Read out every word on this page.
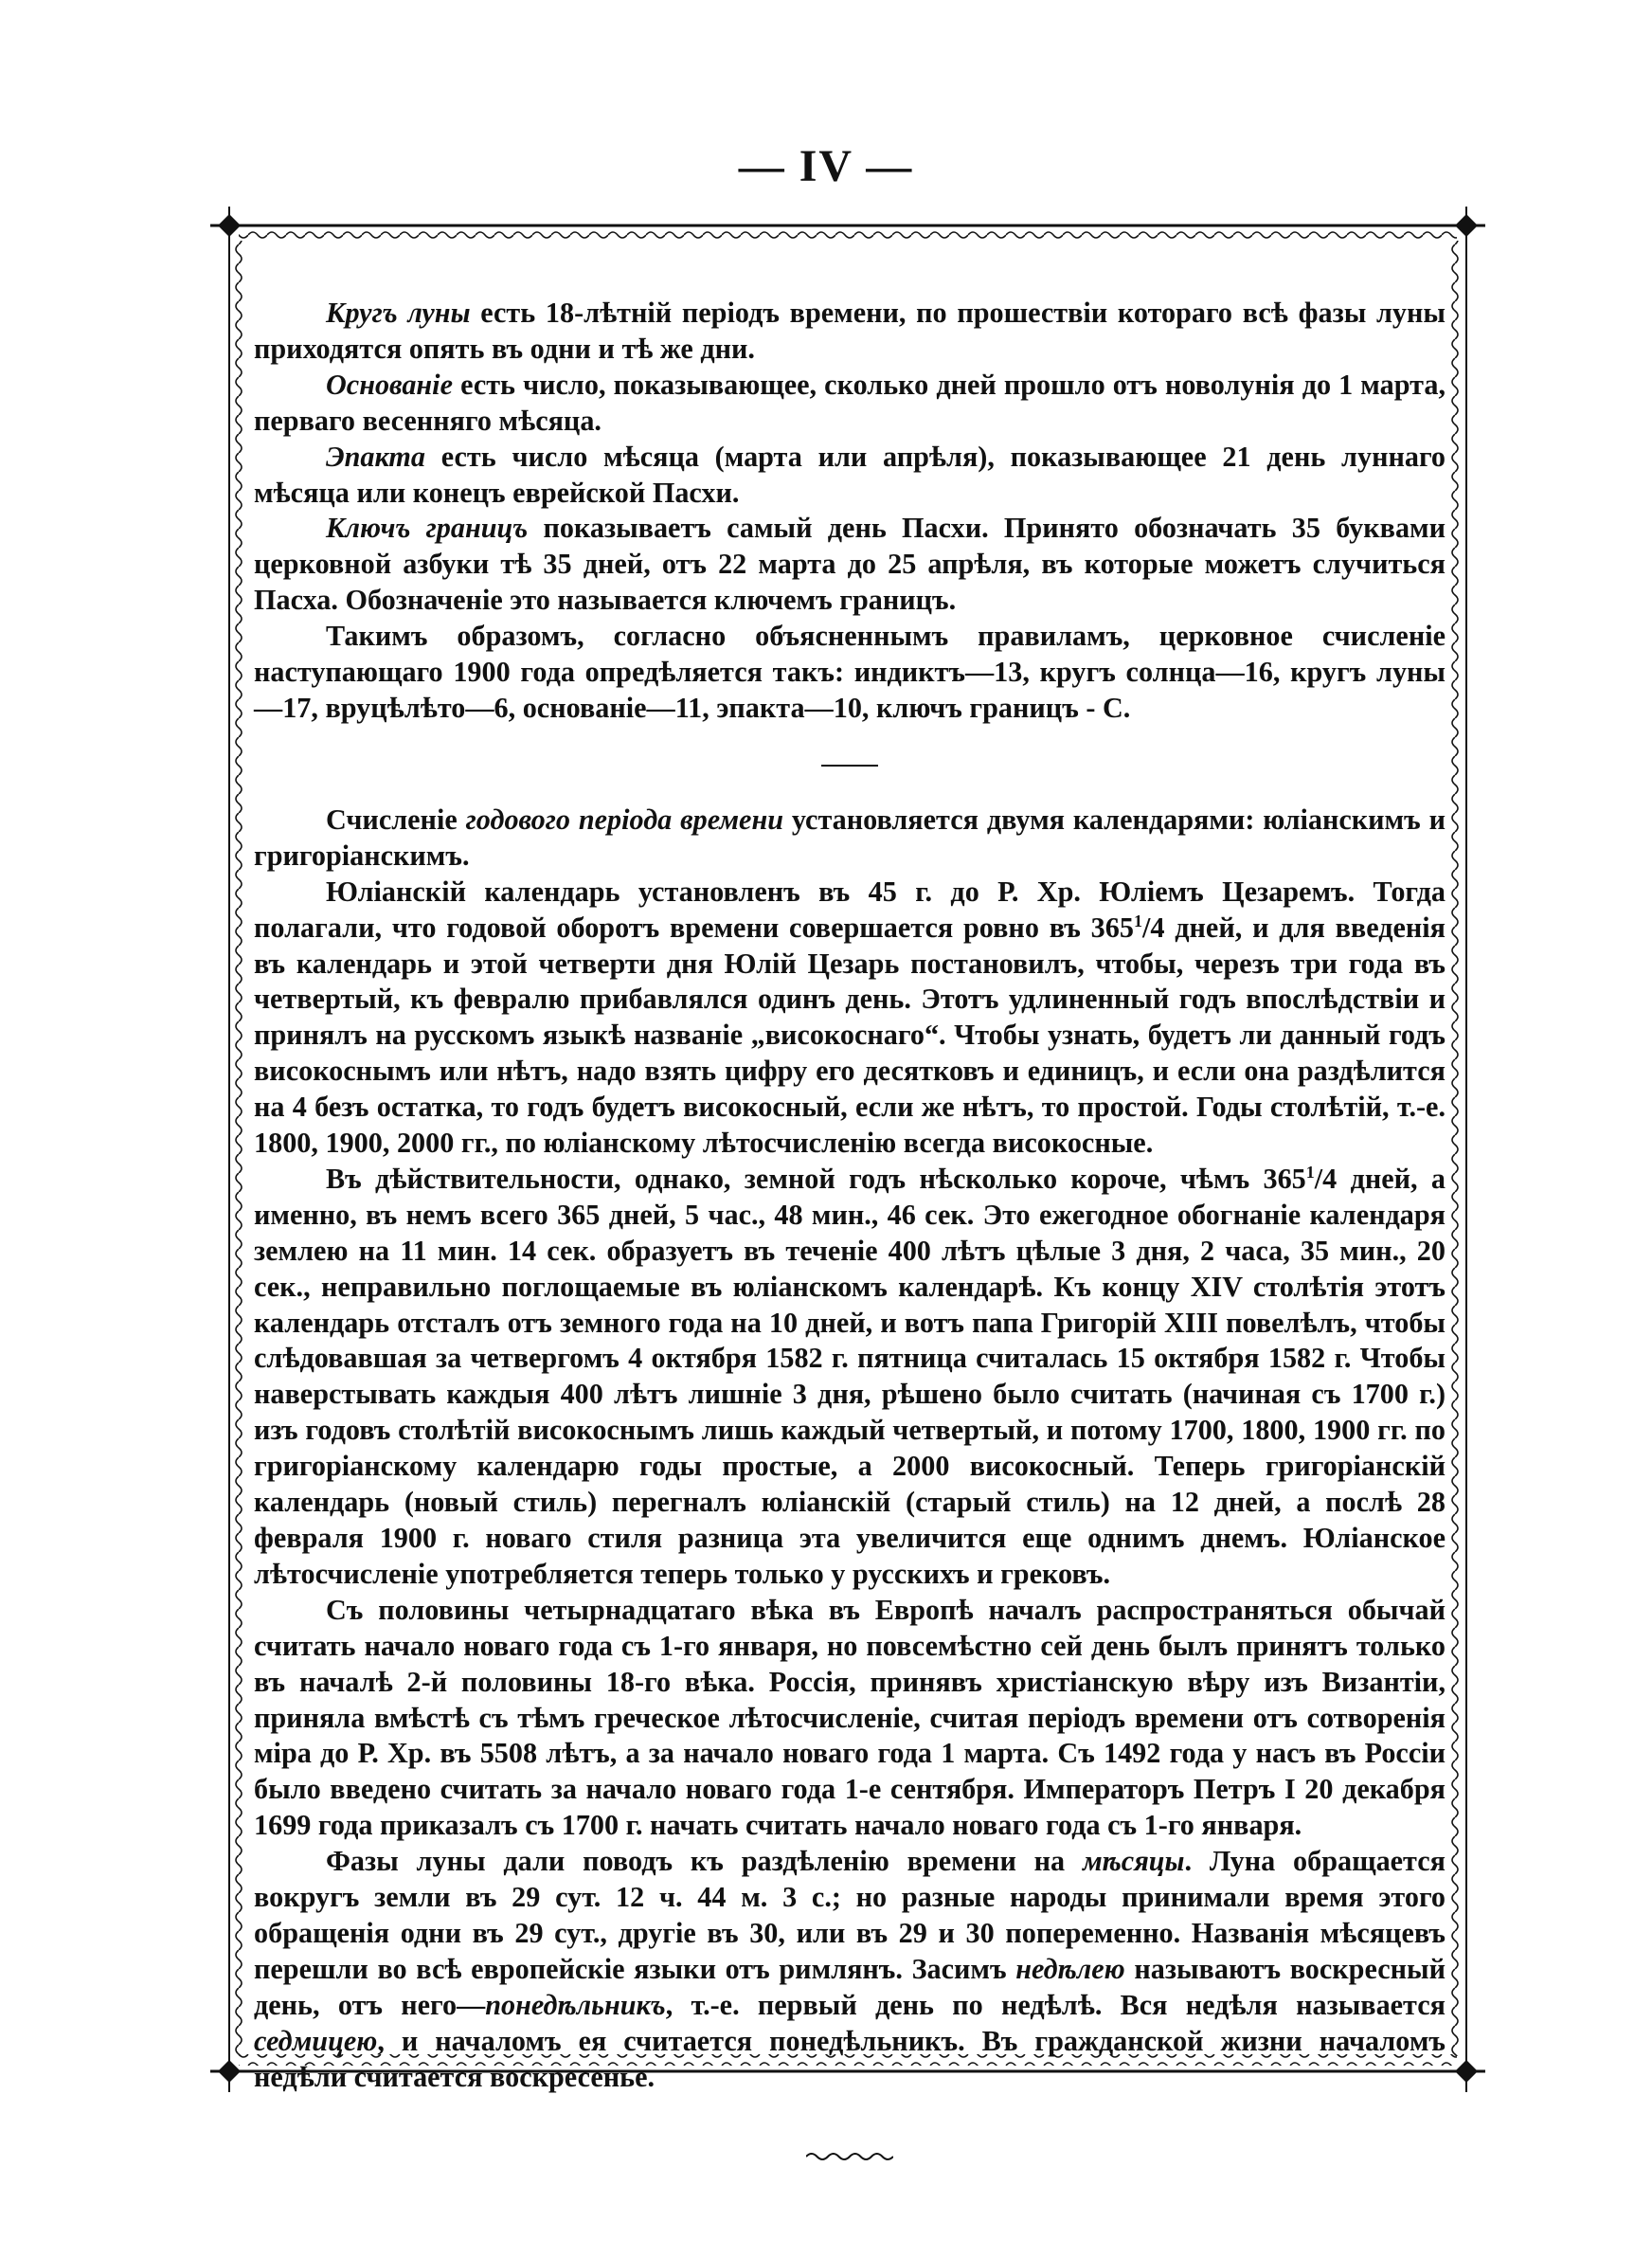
— IV —

Кругъ луны есть 18-лѣтній періодъ времени, по прошествіи котораго всѣ фазы луны приходятся опять въ одни и тѣ же дни.

Основаніе есть число, показывающее, сколько дней прошло отъ новолунія до 1 марта, перваго весенняго мѣсяца.

Эпакта есть число мѣсяца (марта или апрѣля), показывающее 21 день луннаго мѣсяца или конецъ еврейской Пасхи.

Ключъ границъ показываетъ самый день Пасхи. Принято обозначать 35 буквами церковной азбуки тѣ 35 дней, отъ 22 марта до 25 апрѣля, въ которые можетъ случиться Пасха. Обозначеніе это называется ключемъ границъ.

Такимъ образомъ, согласно объясненнымъ правиламъ, церковное счисленіе наступающаго 1900 года опредѣляется такъ: индиктъ—13, кругъ солнца—16, кругъ луны—17, вруцѣлѣто—6, основаніе—11, эпакта—10, ключъ границъ - С.

Счисленіе годового періода времени установляется двумя календарями: юліанскимъ и григоріанскимъ.

Юліанскій календарь установленъ въ 45 г. до Р. Хр. Юліемъ Цезаремъ. Тогда полагали, что годовой оборотъ времени совершается ровно въ $365^1/4$ дней, и для введенія въ календарь и этой четверти дня Юлій Цезарь постановилъ, чтобы, черезъ три года въ четвертый, къ февралю прибавлялся одинъ день. Этотъ удлиненный годъ впослѣдствіи и принялъ на русскомъ языкѣ названіе „високоснаго“. Чтобы узнать, будетъ ли данный годъ високоснымъ или нѣтъ, надо взять цифру его десятковъ и единицъ, и если она раздѣлится на 4 безъ остатка, то годъ будетъ високосный, если же нѣтъ, то простой. Годы столѣтій, т.-е. 1800, 1900, 2000 гг., по юліанскому лѣтосчисленію всегда високосные.

Въ дѣйствительности, однако, земной годъ нѣсколько короче, чѣмъ $365^1/4$ дней, а именно, въ немъ всего 365 дней, 5 час., 48 мин., 46 сек. Это ежегодное обогнаніе календаря землею на 11 мин. 14 сек. образуетъ въ теченіе 400 лѣтъ цѣлые 3 дня, 2 часа, 35 мин., 20 сек., неправильно поглощаемые въ юліанскомъ календарѣ. Къ концу XIV столѣтія этотъ календарь отсталъ отъ земного года на 10 дней, и вотъ папа Григорій XIII повелѣлъ, чтобы слѣдовавшая за четвергомъ 4 октября 1582 г. пятница считалась 15 октября 1582 г. Чтобы наверстывать каждыя 400 лѣтъ лишніе 3 дня, рѣшено было считать (начиная съ 1700 г.) изъ годовъ столѣтій високоснымъ лишь каждый четвертый, и потому 1700, 1800, 1900 гг. по григоріанскому календарю годы простые, а 2000 високосный. Теперь григоріанскій календарь (новый стиль) перегналъ юліанскій (старый стиль) на 12 дней, а послѣ 28 февраля 1900 г. новаго стиля разница эта увеличится еще однимъ днемъ. Юліанское лѣтосчисленіе употребляется теперь только у русскихъ и грековъ.

Съ половины четырнадцатаго вѣка въ Европѣ началъ распространяться обычай считать начало новаго года съ 1-го января, но повсемѣстно сей день былъ принятъ только въ началѣ 2-й половины 18-го вѣка. Россія, принявъ христіанскую вѣру изъ Византіи, приняла вмѣстѣ съ тѣмъ греческое лѣтосчисленіе, считая періодъ времени отъ сотворенія міра до Р. Хр. въ 5508 лѣтъ, а за начало новаго года 1 марта. Съ 1492 года у насъ въ Россіи было введено считать за начало новаго года 1-е сентября. Императоръ Петръ I 20 декабря 1699 года приказалъ съ 1700 г. начать считать начало новаго года съ 1-го января.

Фазы луны дали поводъ къ раздѣленію времени на мѣсяцы. Луна обращается вокругъ земли въ 29 сут. 12 ч. 44 м. 3 с.; но разные народы принимали время этого обращенія одни въ 29 сут., другіе въ 30, или въ 29 и 30 попеременно. Названія мѣсяцевъ перешли во всѣ европейскіе языки отъ римлянъ. Засимъ недѣлею называютъ воскресный день, отъ него—понедѣльникъ, т.-е. первый день по недѣлѣ. Вся недѣля называется седмицею, и началомъ ея считается понедѣльникъ. Въ гражданской жизни началомъ недѣли считается воскресенье.
